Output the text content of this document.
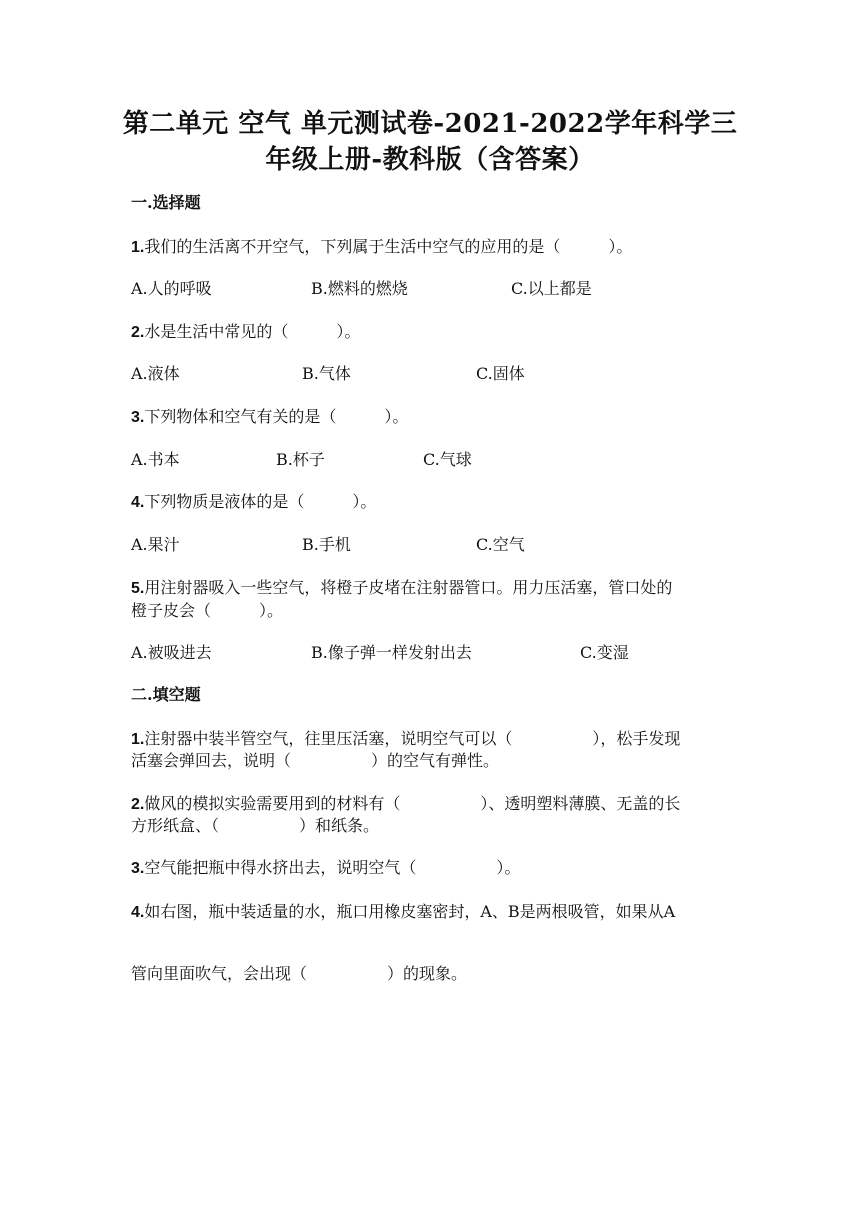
第二单元 空气 单元测试卷-2021-2022学年科学三
年级上册-教科版（含答案）
一.选择题
1.我们的生活离不开空气，下列属于生活中空气的应用的是（　　　）。
A.人的呼吸	B.燃料的燃烧	C.以上都是
2.水是生活中常见的（　　　）。
A.液体	B.气体	C.固体
3.下列物体和空气有关的是（　　　）。
A.书本	B.杯子	C.气球
4.下列物质是液体的是（　　　）。
A.果汁	B.手机	C.空气
5.用注射器吸入一些空气，将橙子皮堵在注射器管口。用力压活塞，管口处的
橙子皮会（　　　）。
A.被吸进去	B.像子弹一样发射出去	C.变湿
二.填空题
1.注射器中装半管空气，往里压活塞，说明空气可以（　　　　　），松手发现
活塞会弹回去，说明（　　　　　）的空气有弹性。
2.做风的模拟实验需要用到的材料有（　　　　　）、透明塑料薄膜、无盖的长
方形纸盒、（　　　　　）和纸条。
3.空气能把瓶中得水挤出去，说明空气（　　　　　）。
4.如右图，瓶中装适量的水，瓶口用橡皮塞密封，A、B是两根吸管，如果从A
管向里面吹气，会出现（　　　　　）的现象。
